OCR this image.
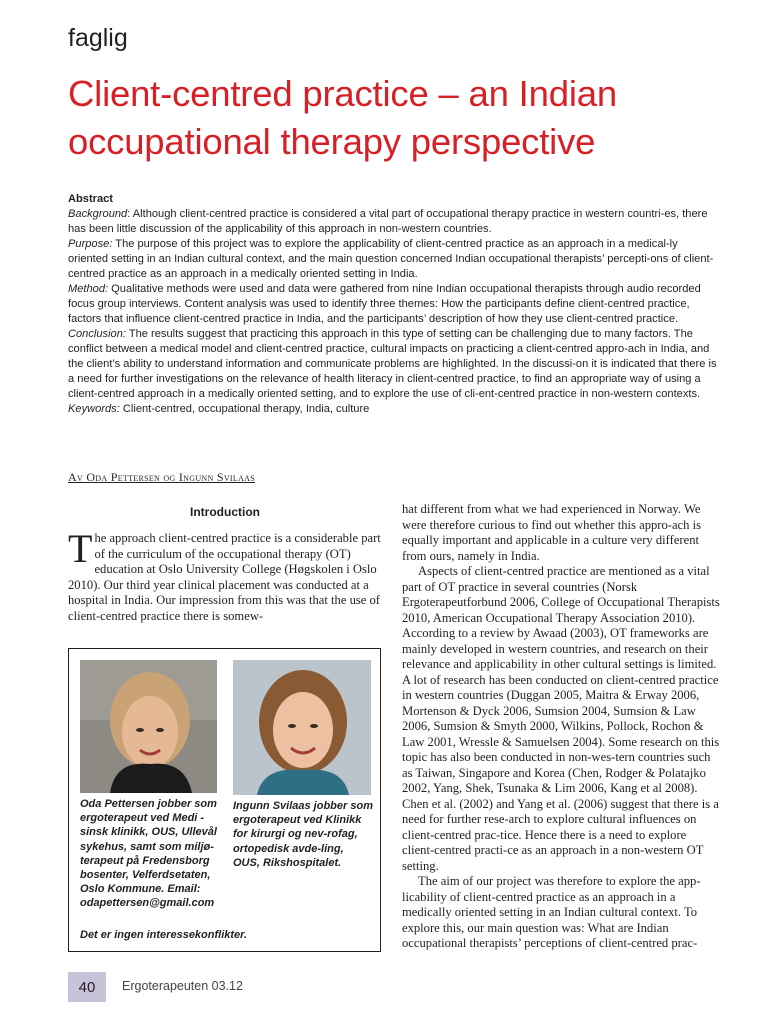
faglig
Client-centred practice – an Indian occupational therapy perspective
Abstract

Background: Although client-centred practice is considered a vital part of occupational therapy practice in western countri-es, there has been little discussion of the applicability of this approach in non-western countries.

Purpose: The purpose of this project was to explore the applicability of client-centred practice as an approach in a medical-ly oriented setting in an Indian cultural context, and the main question concerned Indian occupational therapists’ percepti-ons of client-centred practice as an approach in a medically oriented setting in India.

Method: Qualitative methods were used and data were gathered from nine Indian occupational therapists through audio recorded focus group interviews. Content analysis was used to identify three themes: How the participants define client-centred practice, factors that influence client-centred practice in India, and the participants’ description of how they use client-centred practice.

Conclusion: The results suggest that practicing this approach in this type of setting can be challenging due to many factors. The conflict between a medical model and client-centred practice, cultural impacts on practicing a client-centred appro-ach in India, and the client’s ability to understand information and communicate problems are highlighted. In the discussi-on it is indicated that there is a need for further investigations on the relevance of health literacy in client-centred practice, to find an appropriate way of using a client-centred approach in a medically oriented setting, and to explore the use of cli-ent-centred practice in non-western contexts.

Keywords: Client-centred, occupational therapy, India, culture

Av Oda Pettersen og Ingunn Svilaas
Introduction

The approach client-centred practice is a considerable part of the curriculum of the occupational therapy (OT) education at Oslo University College (Høgskolen i Oslo 2010). Our third year clinical placement was conducted at a hospital in India. Our impression from this was that the use of client-centred practice there is somew-

Oda Pettersen jobber som ergoterapeut ved Medi - sinsk klinikk, OUS, Ullevål sykehus, samt som miljø-terapeut på Fredensborg bosenter, Velferdsetaten, Oslo Kommune. Email: odapettersen@gmail.com
Ingunn Svilaas jobber som ergoterapeut ved Klinikk for kirurgi og nev-rofag, ortopedisk avde-ling, OUS, Rikshospitalet.
Det er ingen interessekonflikter.

hat different from what we had experienced in Norway. We were therefore curious to find out whether this appro-ach is equally important and applicable in a culture very different from ours, namely in India.

Aspects of client-centred practice are mentioned as a vital part of OT practice in several countries (Norsk Ergoterapeutforbund 2006, College of Occupational Therapists 2010, American Occupational Therapy Association 2010). According to a review by Awaad (2003), OT frameworks are mainly developed in western countries, and research on their relevance and applicability in other cultural settings is limited. A lot of research has been conducted on client-centred practice in western countries (Duggan 2005, Maitra & Erway 2006, Mortenson & Dyck 2006, Sumsion 2004, Sumsion & Law 2006, Sumsion & Smyth 2000, Wilkins, Pollock, Rochon & Law 2001, Wressle & Samuelsen 2004). Some research on this topic has also been conducted in non-wes-tern countries such as Taiwan, Singapore and Korea (Chen, Rodger & Polatajko 2002, Yang, Shek, Tsunaka & Lim 2006, Kang et al 2008). Chen et al. (2002) and Yang et al. (2006) suggest that there is a need for further rese-arch to explore cultural influences on client-centred prac-tice. Hence there is a need to explore client-centred practi-ce as an approach in a non-western OT setting.

The aim of our project was therefore to explore the app-licability of client-centred practice as an approach in a medically oriented setting in an Indian cultural context. To explore this, our main question was: What are Indian occupational therapists’ perceptions of client-centred prac-

40	Ergoterapeuten 03.12
